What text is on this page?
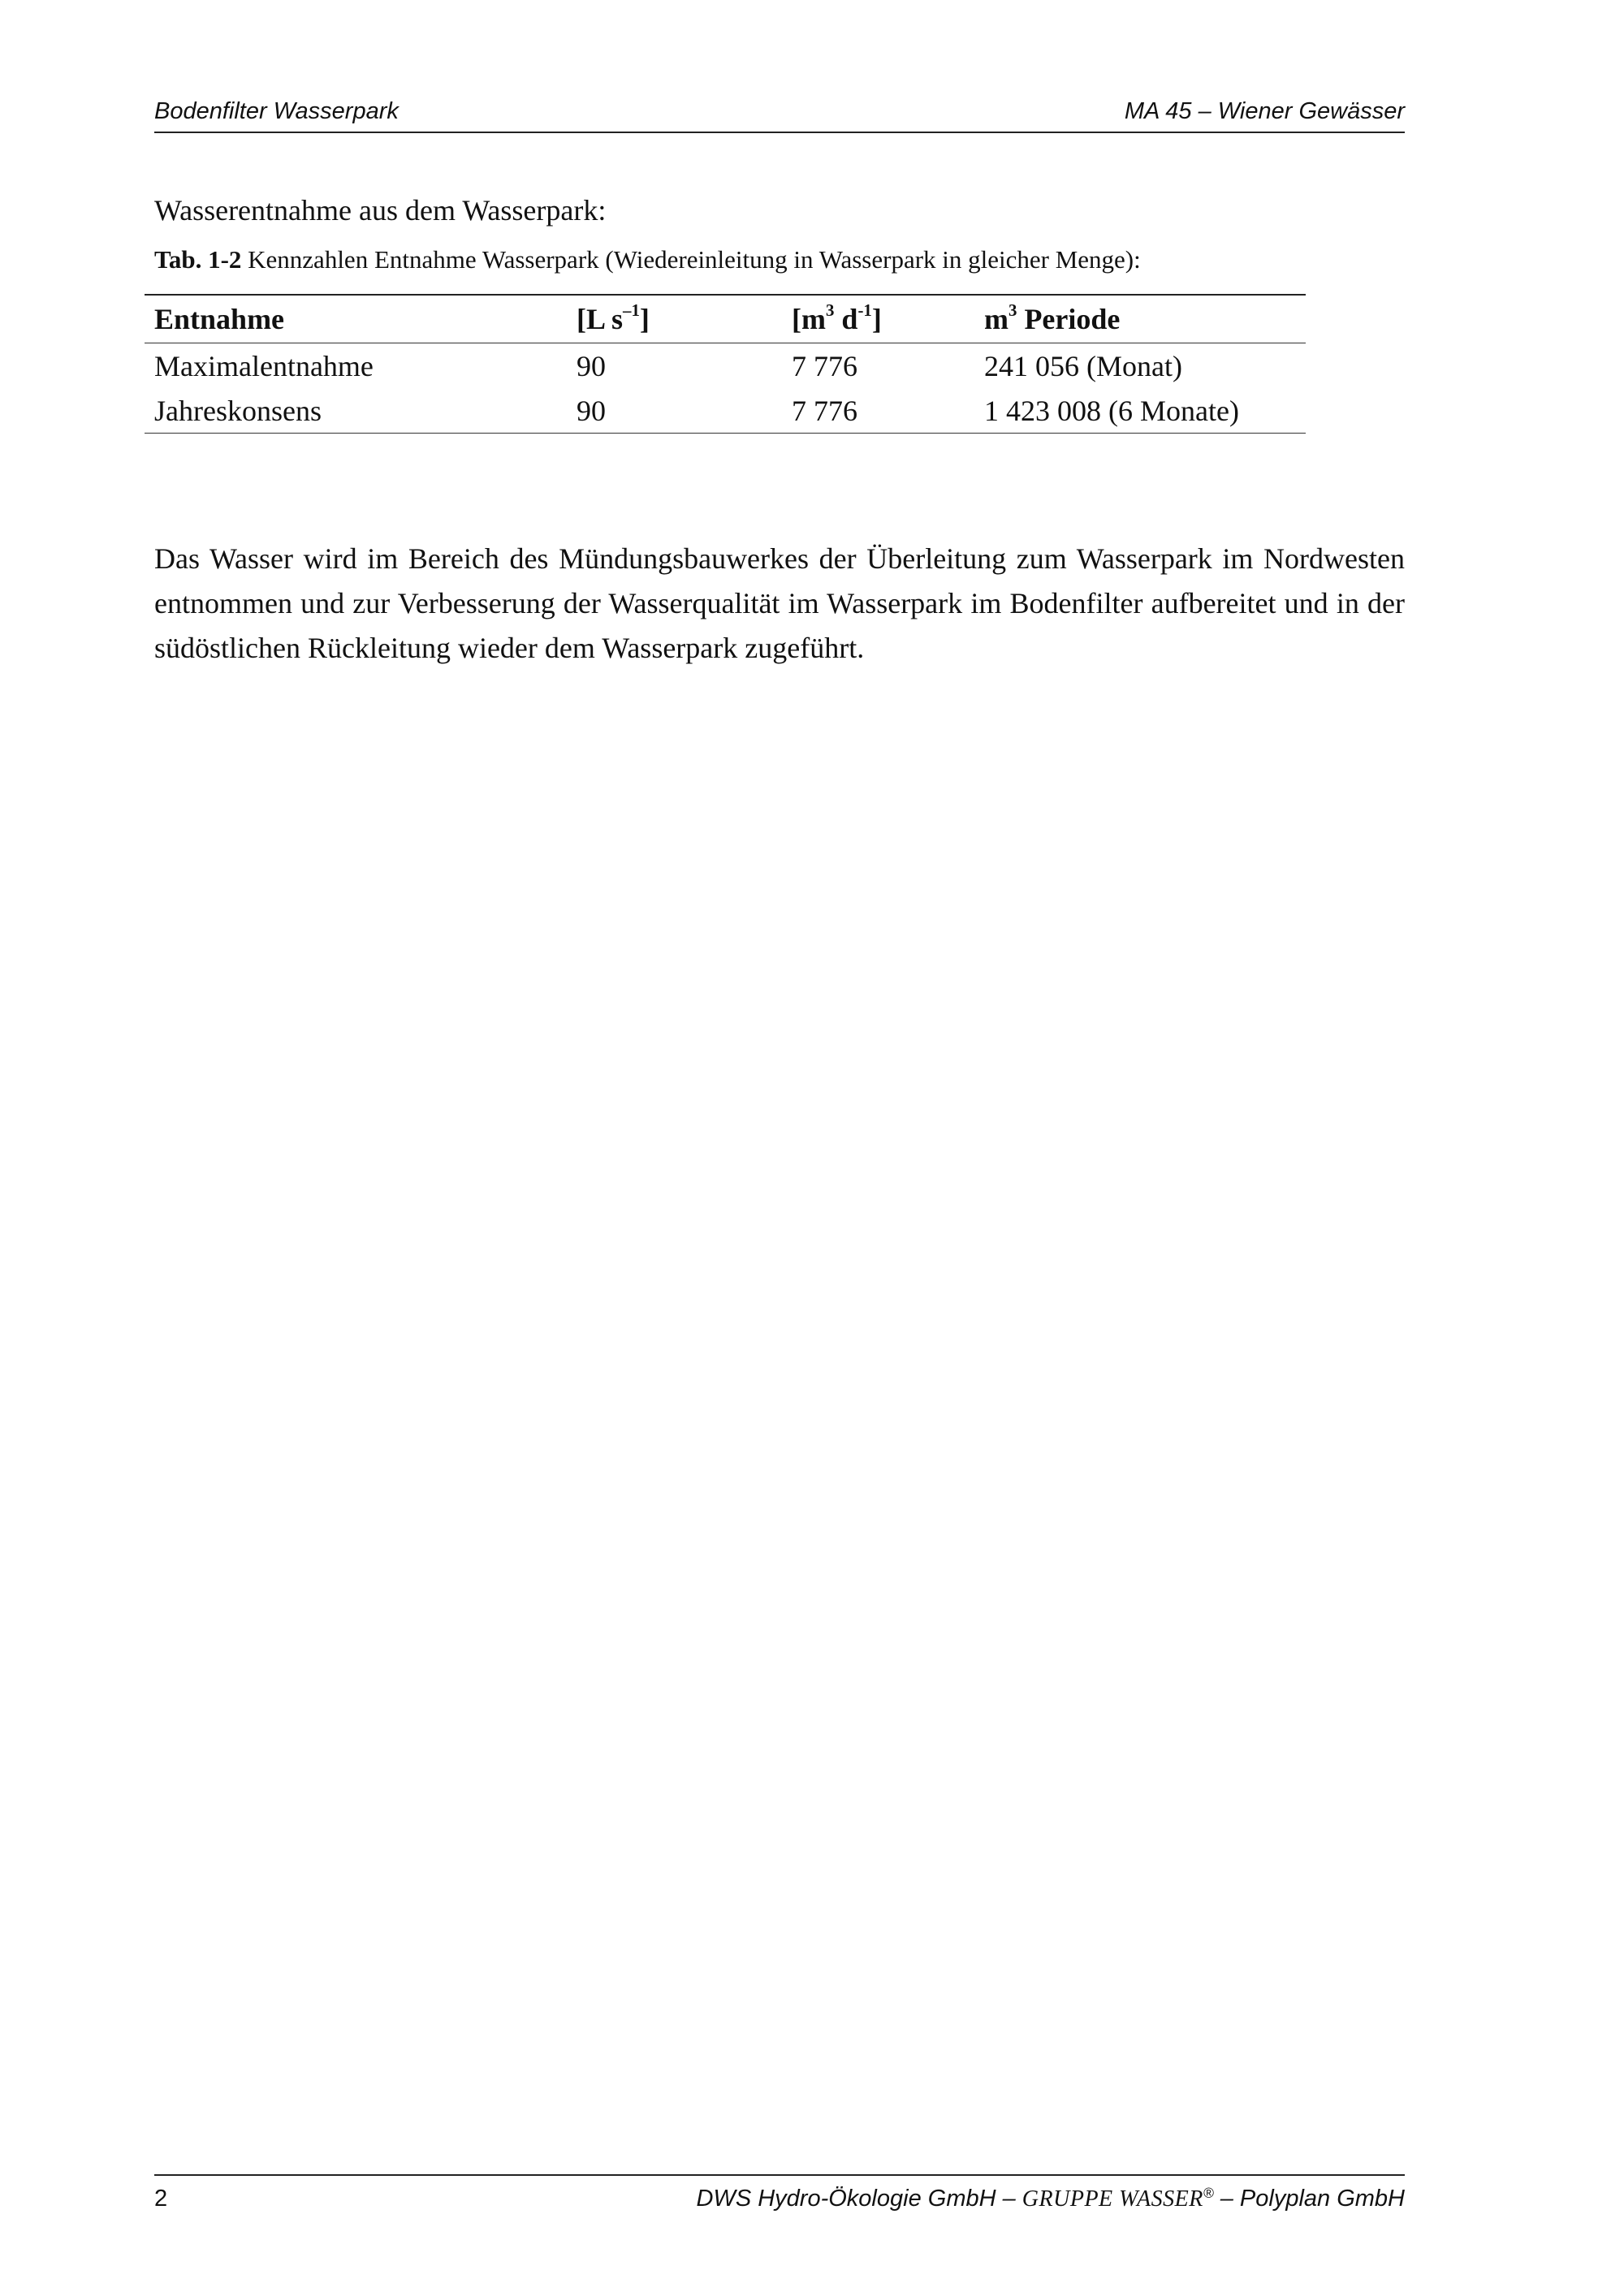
Bodenfilter Wasserpark	MA 45 – Wiener Gewässer
Wasserentnahme aus dem Wasserpark:
Tab. 1-2 Kennzahlen Entnahme Wasserpark (Wiedereinleitung in Wasserpark in gleicher Menge):
Entnahme	[L $s^{-1}$]	[$m^3$ $d^{-1}$]	$m^3$ Periode
Maximalentnahme	90	7 776	241 056 (Monat)
Jahreskonsens	90	7 776	1 423 008 (6 Monate)

Das Wasser wird im Bereich des Mündungsbauwerkes der Überleitung zum Wasserpark im Nordwesten entnommen und zur Verbesserung der Wasserqualität im Wasserpark im Bodenfilter aufbereitet und in der südöstlichen Rückleitung wieder dem Wasserpark zugeführt.

2	DWS Hydro-Ökologie GmbH – GRUPPE WASSER® – Polyplan GmbH
